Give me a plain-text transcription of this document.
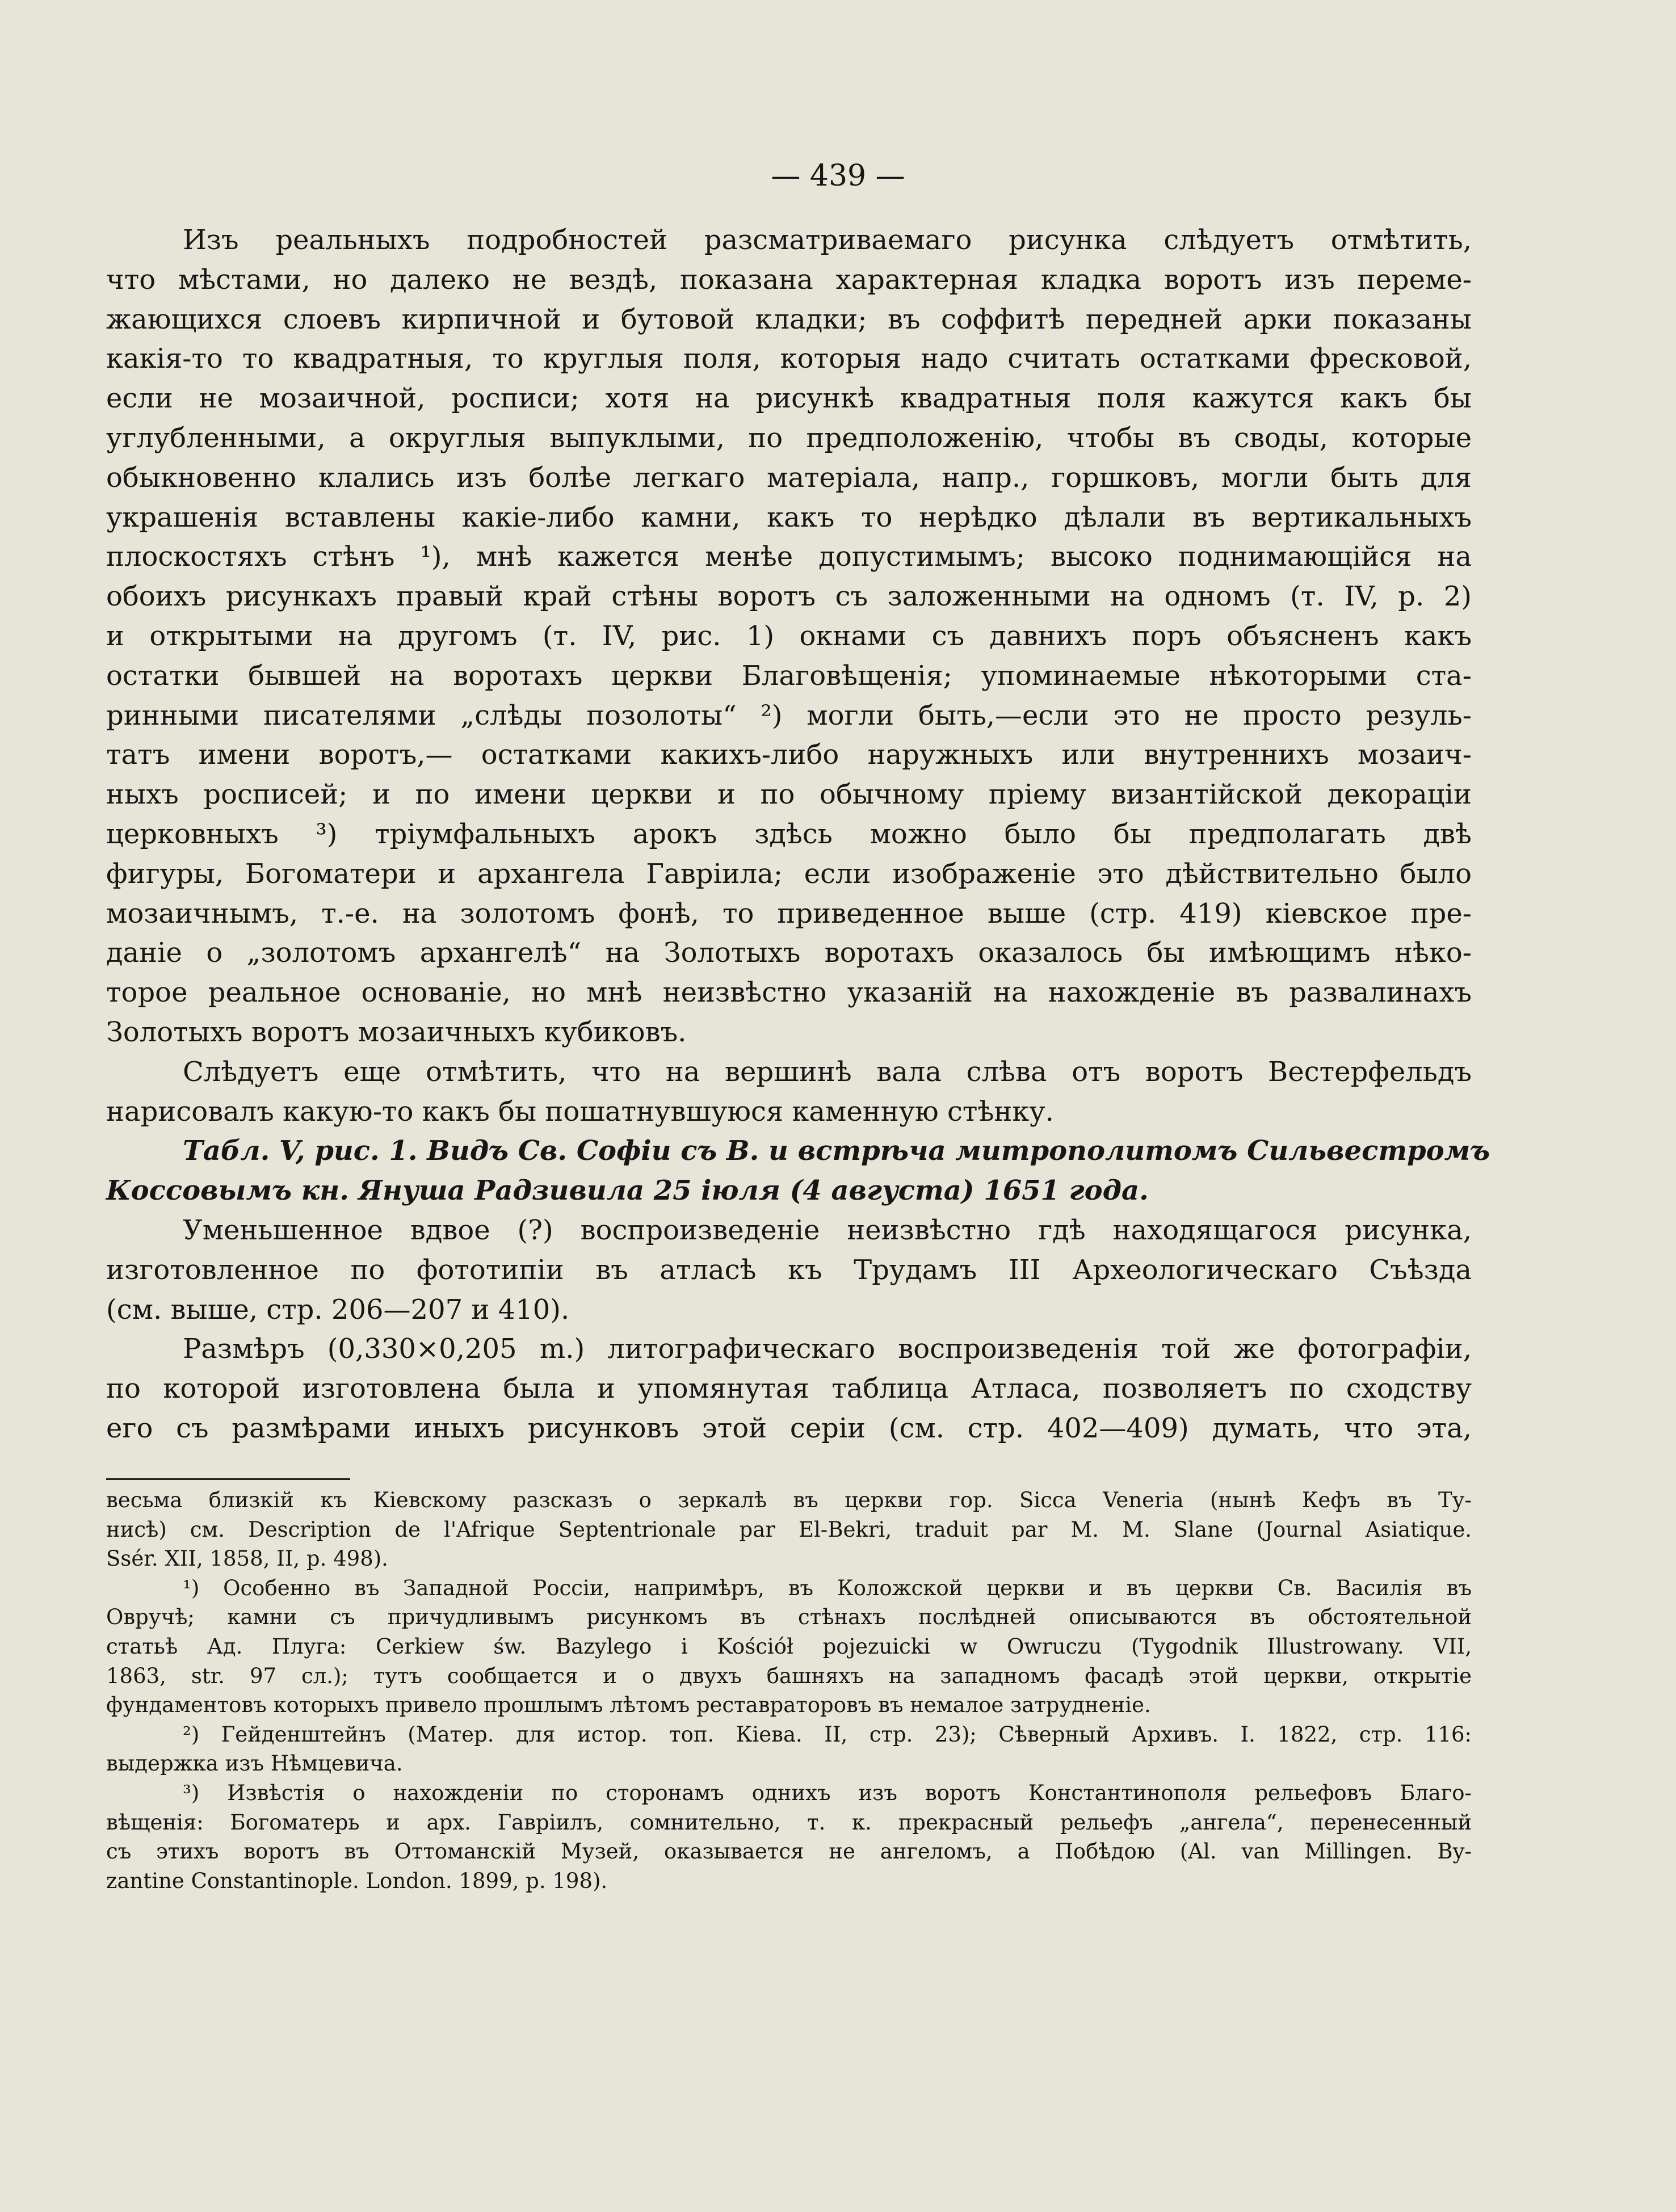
— 439 —
Изъ реальныхъ подробностей разсматриваемаго рисунка слѣдуетъ отмѣтить,
что мѣстами, но далеко не вездѣ, показана характерная кладка воротъ изъ переме-
жающихся слоевъ кирпичной и бутовой кладки; въ соффитѣ передней арки показаны
какія-то то квадратныя, то круглыя поля, которыя надо считать остатками фресковой,
если не мозаичной, росписи; хотя на рисункѣ квадратныя поля кажутся какъ бы
углубленными, а округлыя выпуклыми, по предположенію, чтобы въ своды, которые
обыкновенно клались изъ болѣе легкаго матеріала, напр., горшковъ, могли быть для
украшенія вставлены какіе-либо камни, какъ то нерѣдко дѣлали въ вертикальныхъ
плоскостяхъ стѣнъ ¹), мнѣ кажется менѣе допустимымъ; высоко поднимающійся на
обоихъ рисункахъ правый край стѣны воротъ съ заложенными на одномъ (т. IV, р. 2)
и открытыми на другомъ (т. IV, рис. 1) окнами съ давнихъ поръ объясненъ какъ
остатки бывшей на воротахъ церкви Благовѣщенія; упоминаемые нѣкоторыми ста-
ринными писателями „слѣды позолоты“ ²) могли быть,—если это не просто резуль-
татъ имени воротъ,— остатками какихъ-либо наружныхъ или внутреннихъ мозаич-
ныхъ росписей; и по имени церкви и по обычному пріему византійской декораціи
церковныхъ ³) тріумфальныхъ арокъ здѣсь можно было бы предполагать двѣ
фигуры, Богоматери и архангела Гавріила; если изображеніе это дѣйствительно было
мозаичнымъ, т.-е. на золотомъ фонѣ, то приведенное выше (стр. 419) кіевское пре-
даніе о „золотомъ архангелѣ“ на Золотыхъ воротахъ оказалось бы имѣющимъ нѣко-
торое реальное основаніе, но мнѣ неизвѣстно указаній на нахожденіе въ развалинахъ
Золотыхъ воротъ мозаичныхъ кубиковъ.
Слѣдуетъ еще отмѣтить, что на вершинѣ вала слѣва отъ воротъ Вестерфельдъ
нарисовалъ какую-то какъ бы пошатнувшуюся каменную стѣнку.
Табл. V, рис. 1. Видъ Св. Софіи съ В. и встрѣча митрополитомъ Сильвестромъ
Коссовымъ кн. Януша Радзивила 25 іюля (4 августа) 1651 года.
Уменьшенное вдвое (?) воспроизведеніе неизвѣстно гдѣ находящагося рисунка,
изготовленное по фототипіи въ атласѣ къ Трудамъ III Археологическаго Съѣзда
(см. выше, стр. 206—207 и 410).
Размѣръ (0,330×0,205 m.) литографическаго воспроизведенія той же фотографіи,
по которой изготовлена была и упомянутая таблица Атласа, позволяетъ по сходству
его съ размѣрами иныхъ рисунковъ этой серіи (см. стр. 402—409) думать, что эта,
весьма близкій къ Кіевскому разсказъ о зеркалѣ въ церкви гор. Sicca Veneria (нынѣ Кефъ въ Ту-
нисѣ) см. Description de l'Afrique Septentrionale par El-Bekri, traduit par M. M. Slane (Journal Asiatique.
Ssér. XII, 1858, II, p. 498).
¹) Особенно въ Западной Россіи, напримѣръ, въ Коложской церкви и въ церкви Св. Василія въ
Овручѣ; камни съ причудливымъ рисункомъ въ стѣнахъ послѣдней описываются въ обстоятельной
статьѣ Ад. Плуга: Cerkiew św. Bazylego i Kościół pojezuicki w Owruczu (Tygodnik Illustrowany. VII,
1863, str. 97 сл.); тутъ сообщается и о двухъ башняхъ на западномъ фасадѣ этой церкви, открытіе
фундаментовъ которыхъ привело прошлымъ лѣтомъ реставраторовъ въ немалое затрудненіе.
²) Гейденштейнъ (Матер. для истор. топ. Кіева. II, стр. 23); Сѣверный Архивъ. I. 1822, стр. 116:
выдержка изъ Нѣмцевича.
³) Извѣстія о нахожденіи по сторонамъ однихъ изъ воротъ Константинополя рельефовъ Благо-
вѣщенія: Богоматерь и арх. Гавріилъ, сомнительно, т. к. прекрасный рельефъ „ангела“, перенесенный
съ этихъ воротъ въ Оттоманскій Музей, оказывается не ангеломъ, а Побѣдою (Al. van Millingen. By-
zantine Constantinople. London. 1899, p. 198).
